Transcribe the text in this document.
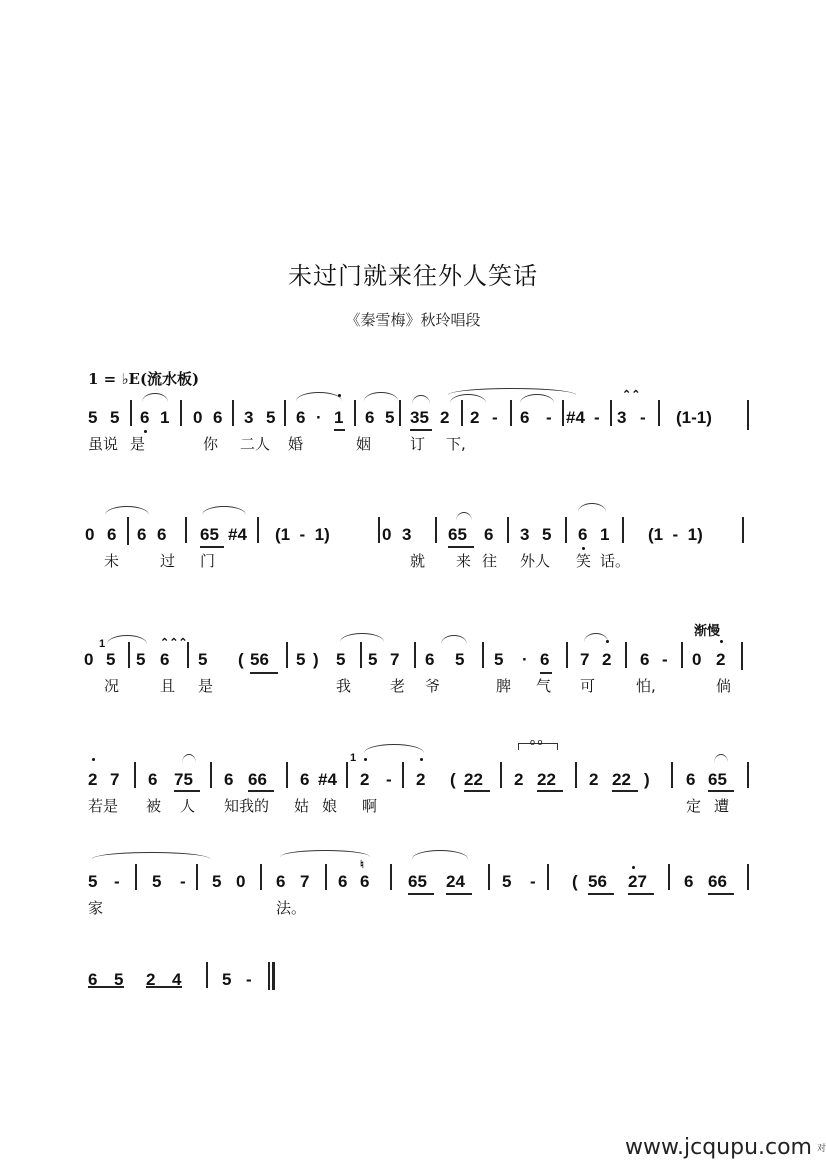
未过门就来往外人笑话
《秦雪梅》秋玲唱段
1 = ♭E(流水板)
渐慢
⌃⌃
1	⌃⌃⌃
1
o o
♮
www.jcqupu.com 对
5 5 6 1 0 6 3 5 6 · 1 6 5 35 2 2 - 6 - #4 - 3 - (1-1)
虽说 是	你 二人 婚	姻	订 下,
0 6 6 6 65 #4 (1  -  1)	0 3 65 6 3 5 6 1 (1  -  1)
未	过 门	就 来 往 外人 笑 话。
0 5 5 6 5 ( 56 5 ) 5 5 7 6 5 5 · 6 7 2 6 - 0 2
况	且 是	我	老 爷	脾 气 可	怕,	倘
2 7 6 75 6 66 6 #4 2 - 2 ( 22 2 22 2 22 ) 6 65
若是 被 人 知我的 姑 娘 啊	定 遭
5 - 5 - 5 0 6 7 6 6 65 24 5 - ( 56 27 6 66
家	法。
6 5 2 4 5 -
